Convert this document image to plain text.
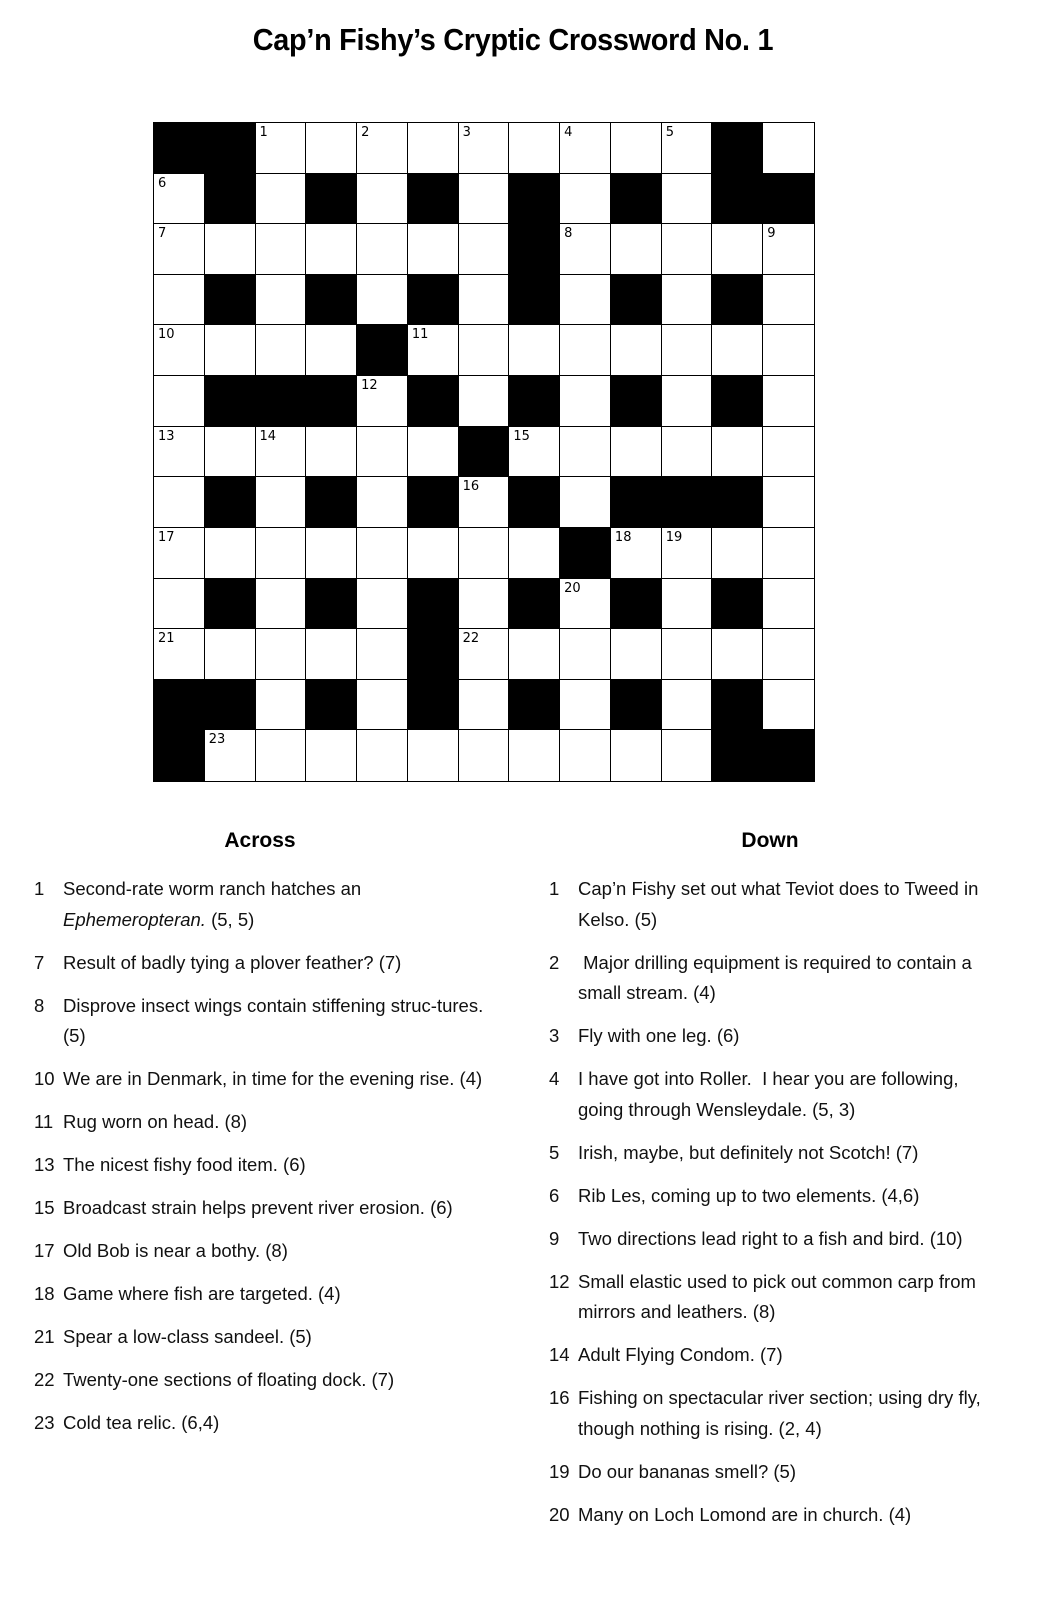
Cap’n Fishy’s Cryptic Crossword No. 1
1	2	3	4	5
6
7	8	9
10	11
12
13	14	15
16
17	18	19
20
21	22
23
Across
1	Second-rate worm ranch hatches an Ephemeropteran. (5, 5)
7	Result of badly tying a plover feather? (7)
8	Disprove insect wings contain stiffening struc-tures. (5)
10 We are in Denmark, in time for the evening rise. (4)
11 Rug worn on head. (8)
13 The nicest fishy food item. (6)
15 Broadcast strain helps prevent river erosion. (6)
17 Old Bob is near a bothy. (8)
18 Game where fish are targeted. (4)
21 Spear a low-class sandeel. (5)
22 Twenty-one sections of floating dock. (7)
23 Cold tea relic. (6,4)
Down
1	Cap’n Fishy set out what Teviot does to Tweed in Kelso. (5)
2	Major drilling equipment is required to contain a small stream. (4)
3	Fly with one leg. (6)
4	I have got into Roller.  I hear you are following, going through Wensleydale. (5, 3)
5	Irish, maybe, but definitely not Scotch! (7)
6	Rib Les, coming up to two elements. (4,6)
9	Two directions lead right to a fish and bird. (10)
12 Small elastic used to pick out common carp from mirrors and leathers. (8)
14 Adult Flying Condom. (7)
16 Fishing on spectacular river section; using dry fly, though nothing is rising. (2, 4)
19 Do our bananas smell? (5)
20 Many on Loch Lomond are in church. (4)
